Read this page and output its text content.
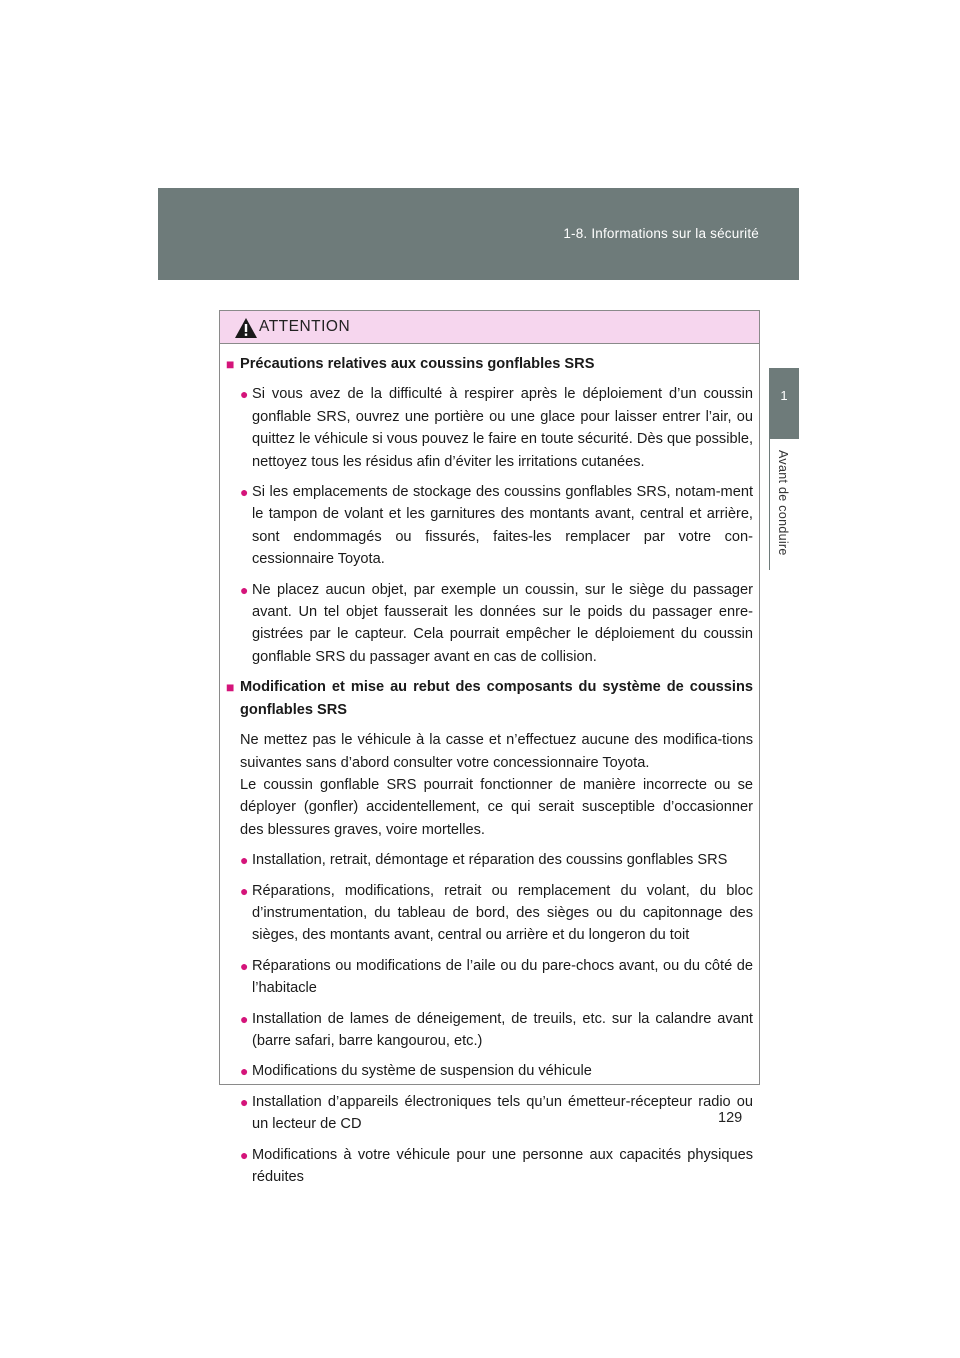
1-8. Informations sur la sécurité
1
Avant de conduire
ATTENTION
■ Précautions relatives aux coussins gonflables SRS
● Si vous avez de la difficulté à respirer après le déploiement d’un coussin gonflable SRS, ouvrez une portière ou une glace pour laisser entrer l’air, ou quittez le véhicule si vous pouvez le faire en toute sécurité. Dès que possible, nettoyez tous les résidus afin d’éviter les irritations cutanées.
● Si les emplacements de stockage des coussins gonflables SRS, notam-ment le tampon de volant et les garnitures des montants avant, central et arrière, sont endommagés ou fissurés, faites-les remplacer par votre con-cessionnaire Toyota.
● Ne placez aucun objet, par exemple un coussin, sur le siège du passager avant. Un tel objet fausserait les données sur le poids du passager enre-gistrées par le capteur. Cela pourrait empêcher le déploiement du coussin gonflable SRS du passager avant en cas de collision.
■ Modification et mise au rebut des composants du système de coussins gonflables SRS
Ne mettez pas le véhicule à la casse et n’effectuez aucune des modifica-tions suivantes sans d’abord consulter votre concessionnaire Toyota.
Le coussin gonflable SRS pourrait fonctionner de manière incorrecte ou se déployer (gonfler) accidentellement, ce qui serait susceptible d’occasionner des blessures graves, voire mortelles.
● Installation, retrait, démontage et réparation des coussins gonflables SRS
● Réparations, modifications, retrait ou remplacement du volant, du bloc d’instrumentation, du tableau de bord, des sièges ou du capitonnage des sièges, des montants avant, central ou arrière et du longeron du toit
● Réparations ou modifications de l’aile ou du pare-chocs avant, ou du côté de l’habitacle
● Installation de lames de déneigement, de treuils, etc. sur la calandre avant (barre safari, barre kangourou, etc.)
● Modifications du système de suspension du véhicule
● Installation d’appareils électroniques tels qu’un émetteur-récepteur radio ou un lecteur de CD
● Modifications à votre véhicule pour une personne aux capacités physiques réduites
129
